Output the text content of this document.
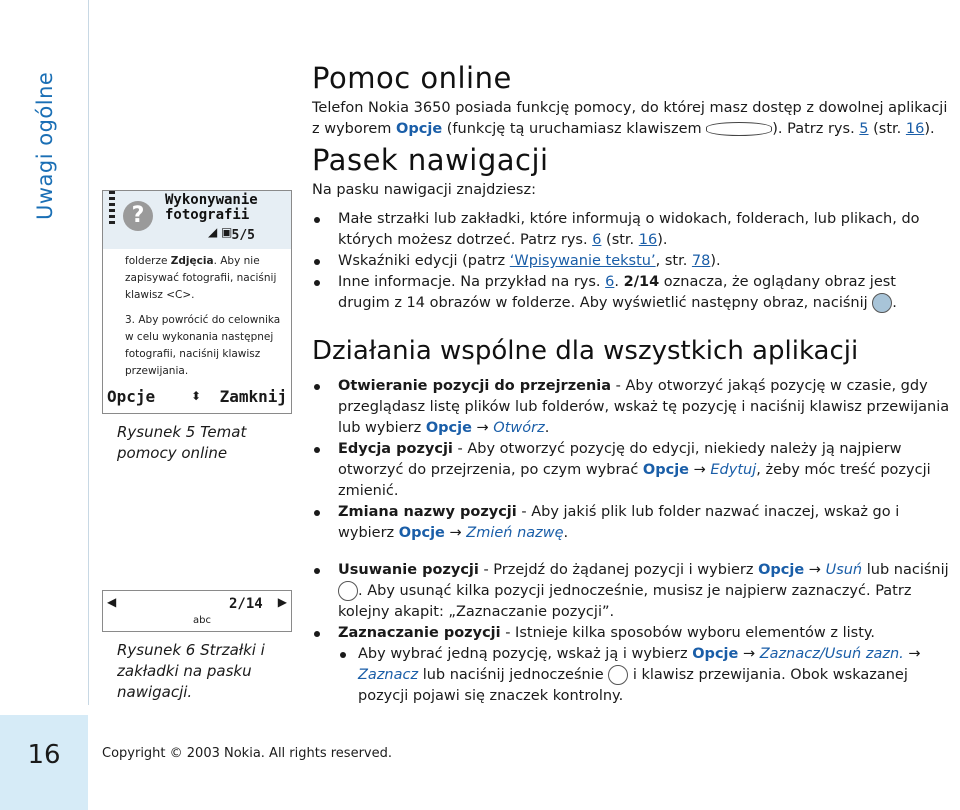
Uwagi ogólne
16
?
Wykonywanie
fotografii
◢ ▣ 5/5
folderze Zdjęcia. Aby nie zapisywać fotografii, naciśnij klawisz <C>.
3. Aby powrócić do celownika w celu wykonania następnej fotografii, naciśnij klawisz przewijania.
Opcje	⬍ Zamknij
Rysunek 5 Temat pomocy online
◀	2/14
abc
▶
Rysunek 6 Strzałki i zakładki na pasku nawigacji.
Pomoc online

Telefon Nokia 3650 posiada funkcję pomocy, do której masz dostęp z dowolnej aplikacji
z wyborem Opcje (funkcję tą uruchamiasz klawiszem	). Patrz rys. 5 (str. 16).

Pasek nawigacji

Na pasku nawigacji znajdziesz:

Małe strzałki lub zakładki, które informują o widokach, folderach, lub plikach, do których możesz dotrzeć. Patrz rys. 6 (str. 16).
Wskaźniki edycji (patrz ‘Wpisywanie tekstu’, str. 78).
Inne informacje. Na przykład na rys. 6. 2/14 oznacza, że oglądany obraz jest drugim z 14 obrazów w folderze. Aby wyświetlić następny obraz, naciśnij .
Działania wspólne dla wszystkich aplikacji
Otwieranie pozycji do przejrzenia - Aby otworzyć jakąś pozycję w czasie, gdy przeglądasz listę plików lub folderów, wskaż tę pozycję i naciśnij klawisz przewijania lub wybierz Opcje → Otwórz.
Edycja pozycji - Aby otworzyć pozycję do edycji, niekiedy należy ją najpierw otworzyć do przejrzenia, po czym wybrać Opcje → Edytuj, żeby móc treść pozycji zmienić.
Zmiana nazwy pozycji - Aby jakiś plik lub folder nazwać inaczej, wskaż go i wybierz Opcje → Zmień nazwę.
Usuwanie pozycji - Przejdź do żądanej pozycji i wybierz Opcje → Usuń lub naciśnij . Aby usunąć kilka pozycji jednocześnie, musisz je najpierw zaznaczyć. Patrz kolejny akapit: „Zaznaczanie pozycji”.
Zaznaczanie pozycji - Istnieje kilka sposobów wyboru elementów z listy.
Aby wybrać jedną pozycję, wskaż ją i wybierz Opcje → Zaznacz/Usuń zazn. → Zaznacz lub naciśnij jednocześnie  i klawisz przewijania. Obok wskazanej pozycji pojawi się znaczek kontrolny.
Copyright © 2003 Nokia. All rights reserved.
